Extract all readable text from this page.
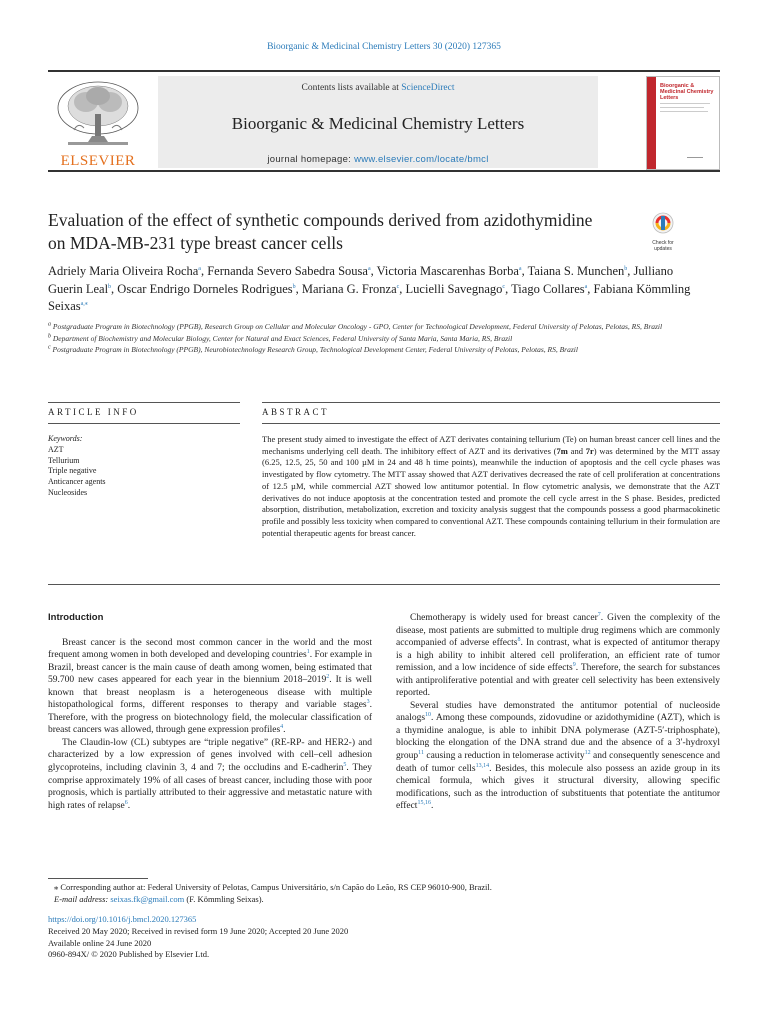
Bioorganic & Medicinal Chemistry Letters 30 (2020) 127365
ELSEVIER
Contents lists available at ScienceDirect
Bioorganic & Medicinal Chemistry Letters
journal homepage: www.elsevier.com/locate/bmcl
Bioorganic & Medicinal Chemistry Letters
Evaluation of the effect of synthetic compounds derived from azidothymidine on MDA-MB-231 type breast cancer cells	Check for
updates
Adriely Maria Oliveira Rocha$^a$, Fernanda Severo Sabedra Sousa$^a$, Victoria Mascarenhas Borba$^a$, Taiana S. Munchen$^b$, Julliano Guerin Leal$^b$, Oscar Endrigo Dorneles Rodrigues$^b$, Mariana G. Fronza$^c$, Lucielli Savegnago$^c$, Tiago Collares$^a$, Fabiana Kömmling Seixas$^{a,⁎}$
$^a$ Postgraduate Program in Biotechnology (PPGB), Research Group on Cellular and Molecular Oncology - GPO, Center for Technological Development, Federal University of Pelotas, Pelotas, RS, Brazil
$^b$ Department of Biochemistry and Molecular Biology, Center for Natural and Exact Sciences, Federal University of Santa Maria, Santa Maria, RS, Brazil
$^c$ Postgraduate Program in Biotechnology (PPGB), Neurobiotechnology Research Group, Technological Development Center, Federal University of Pelotas, Pelotas, RS, Brazil
ARTICLE INFO	ABSTRACT
Keywords:
AZT
Tellurium
Triple negative
Anticancer agents
Nucleosides
The present study aimed to investigate the effect of AZT derivates containing tellurium (Te) on human breast cancer cell lines and the mechanisms underlying cell death. The inhibitory effect of AZT and its derivatives (7m and 7r) was determined by the MTT assay (6.25, 12.5, 25, 50 and 100 µM in 24 and 48 h time points), meanwhile the induction of apoptosis and the cell cycle phases was investigated by flow cytometry. The MTT assay showed that AZT derivatives decreased the rate of cell proliferation at concentrations of 12.5 µM, while commercial AZT showed low antitumor potential. In flow cytometric analysis, we demonstrate that the AZT derivatives do not induce apoptosis at the concentration tested and promote the cell cycle arrest in the S phase. Besides, predicted absorption, distribution, metabolization, excretion and toxicity analysis suggest that the compounds possess a good pharmacokinetic profile and possibly less toxicity when compared to conventional AZT. These compounds containing tellurium in their formulation are potential therapeutic agents for breast cancer.
Introduction

Breast cancer is the second most common cancer in the world and the most frequent among women in both developed and developing countries$^1$. For example in Brazil, breast cancer is the main cause of death among women, being estimated that 59.700 new cases appeared for each year in the biennium 2018–2019$^2$. It is well known that breast neoplasm is a heterogeneous disease with multiple histopathological forms, different responses to therapy and variable stages$^3$. Therefore, with the progress on biotechnology field, the molecular classification of breast cancers was allowed, through gene expression profiles$^4$.

The Claudin-low (CL) subtypes are “triple negative” (RE-RP- and HER2-) and characterized by a low expression of genes involved with cell–cell adhesion glycoproteins, including clavinin 3, 4 and 7; the occludins and E-cadherin$^5$. They comprise approximately 19% of all cases of breast cancer, including those with poor prognosis, which is partially attributed to their aggressive and metastatic nature with high rates of relapse$^6$.

Chemotherapy is widely used for breast cancer$^7$. Given the complexity of the disease, most patients are submitted to multiple drug regimens which are commonly accompanied of adverse effects$^8$. In contrast, what is expected of antitumor therapy is a high ability to inhibit altered cell proliferation, an efficient rate of tumor remission, and a low incidence of side effects$^9$. Therefore, the search for substances with antiproliferative potential and with greater cell selectivity has been extensively reported.

Several studies have demonstrated the antitumor potential of nucleoside analogs$^{10}$. Among these compounds, zidovudine or azidothymidine (AZT), which is a thymidine analogue, is able to inhibit DNA polymerase (AZT-5′-triphosphate), blocking the elongation of the DNA strand due and the absence of a 3′-hydroxyl group$^{11}$ causing a reduction in telomerase activity$^{12}$ and consequently senescence and death of tumor cells$^{13,14}$. Besides, this molecule also possess an azide group in its chemical formula, which gives it structural diversity, allowing specific modifications, such as the introduction of substituents that potentiate the antitumor effect$^{15,16}$.

⁎ Corresponding author at: Federal University of Pelotas, Campus Universitário, s/n Capão do Leão, RS CEP 96010-900, Brazil.
E-mail address: seixas.fk@gmail.com (F. Kömmling Seixas).
https://doi.org/10.1016/j.bmcl.2020.127365
Received 20 May 2020; Received in revised form 19 June 2020; Accepted 20 June 2020
Available online 24 June 2020
0960-894X/ © 2020 Published by Elsevier Ltd.
